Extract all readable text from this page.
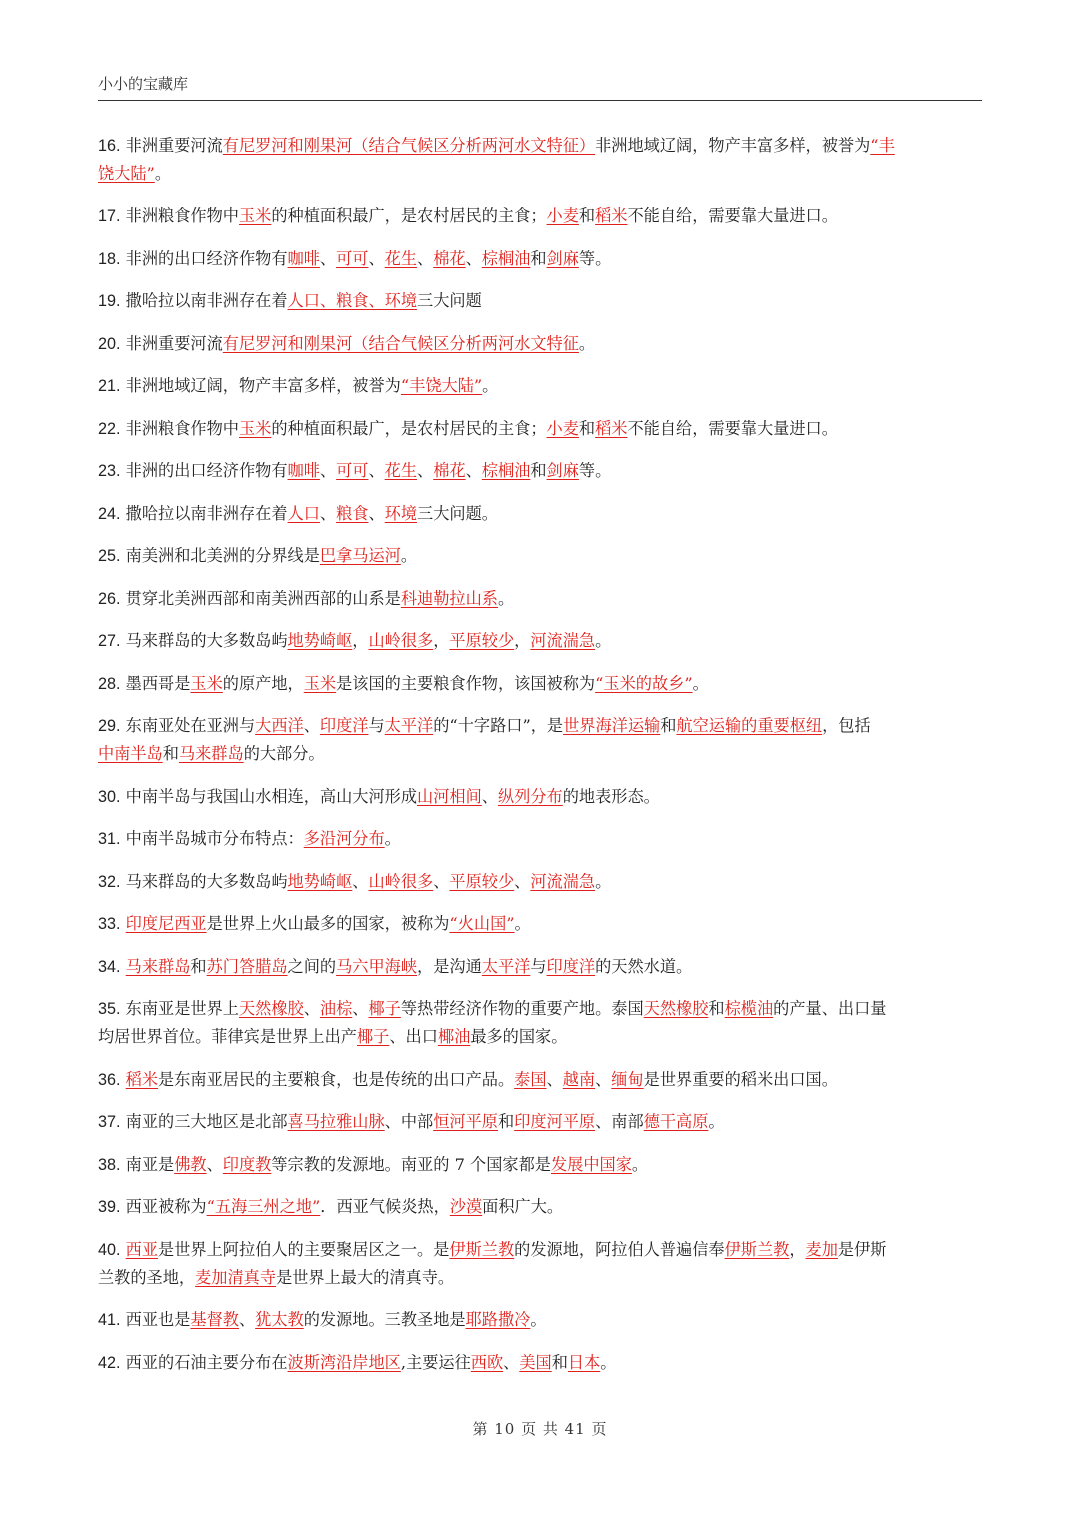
小小的宝藏库
16. 非洲重要河流有尼罗河和刚果河（结合气候区分析两河水文特征）非洲地域辽阔，物产丰富多样，被誉为“丰
饶大陆”。
17. 非洲粮食作物中玉米的种植面积最广，是农村居民的主食；小麦和稻米不能自给，需要靠大量进口。
18. 非洲的出口经济作物有咖啡、可可、花生、棉花、棕榈油和剑麻等。
19. 撒哈拉以南非洲存在着人口、粮食、环境三大问题
20. 非洲重要河流有尼罗河和刚果河（结合气候区分析两河水文特征。
21. 非洲地域辽阔，物产丰富多样，被誉为“丰饶大陆”。
22. 非洲粮食作物中玉米的种植面积最广，是农村居民的主食；小麦和稻米不能自给，需要靠大量进口。
23. 非洲的出口经济作物有咖啡、可可、花生、棉花、棕榈油和剑麻等。
24. 撒哈拉以南非洲存在着人口、粮食、环境三大问题。
25. 南美洲和北美洲的分界线是巴拿马运河。
26. 贯穿北美洲西部和南美洲西部的山系是科迪勒拉山系。
27. 马来群岛的大多数岛屿地势崎岖，山岭很多，平原较少，河流湍急。
28. 墨西哥是玉米的原产地，玉米是该国的主要粮食作物，该国被称为“玉米的故乡”。
29. 东南亚处在亚洲与大西洋、印度洋与太平洋的“十字路口”，是世界海洋运输和航空运输的重要枢纽，包括
中南半岛和马来群岛的大部分。
30. 中南半岛与我国山水相连，高山大河形成山河相间、纵列分布的地表形态。
31. 中南半岛城市分布特点：多沿河分布。
32. 马来群岛的大多数岛屿地势崎岖、山岭很多、平原较少、河流湍急。
33. 印度尼西亚是世界上火山最多的国家，被称为“火山国”。
34. 马来群岛和苏门答腊岛之间的马六甲海峡，是沟通太平洋与印度洋的天然水道。
35. 东南亚是世界上天然橡胶、油棕、椰子等热带经济作物的重要产地。泰国天然橡胶和棕榄油的产量、出口量
均居世界首位。菲律宾是世界上出产椰子、出口椰油最多的国家。
36. 稻米是东南亚居民的主要粮食，也是传统的出口产品。泰国、越南、缅甸是世界重要的稻米出口国。
37. 南亚的三大地区是北部喜马拉雅山脉、中部恒河平原和印度河平原、南部德干高原。
38. 南亚是佛教、印度教等宗教的发源地。南亚的 7 个国家都是发展中国家。
39. 西亚被称为“五海三州之地”．西亚气候炎热，沙漠面积广大。
40. 西亚是世界上阿拉伯人的主要聚居区之一。是伊斯兰教的发源地，阿拉伯人普遍信奉伊斯兰教，麦加是伊斯
兰教的圣地，麦加清真寺是世界上最大的清真寺。
41. 西亚也是基督教、犹太教的发源地。三教圣地是耶路撒冷。
42. 西亚的石油主要分布在波斯湾沿岸地区,主要运往西欧、美国和日本。
第 10 页 共 41 页
